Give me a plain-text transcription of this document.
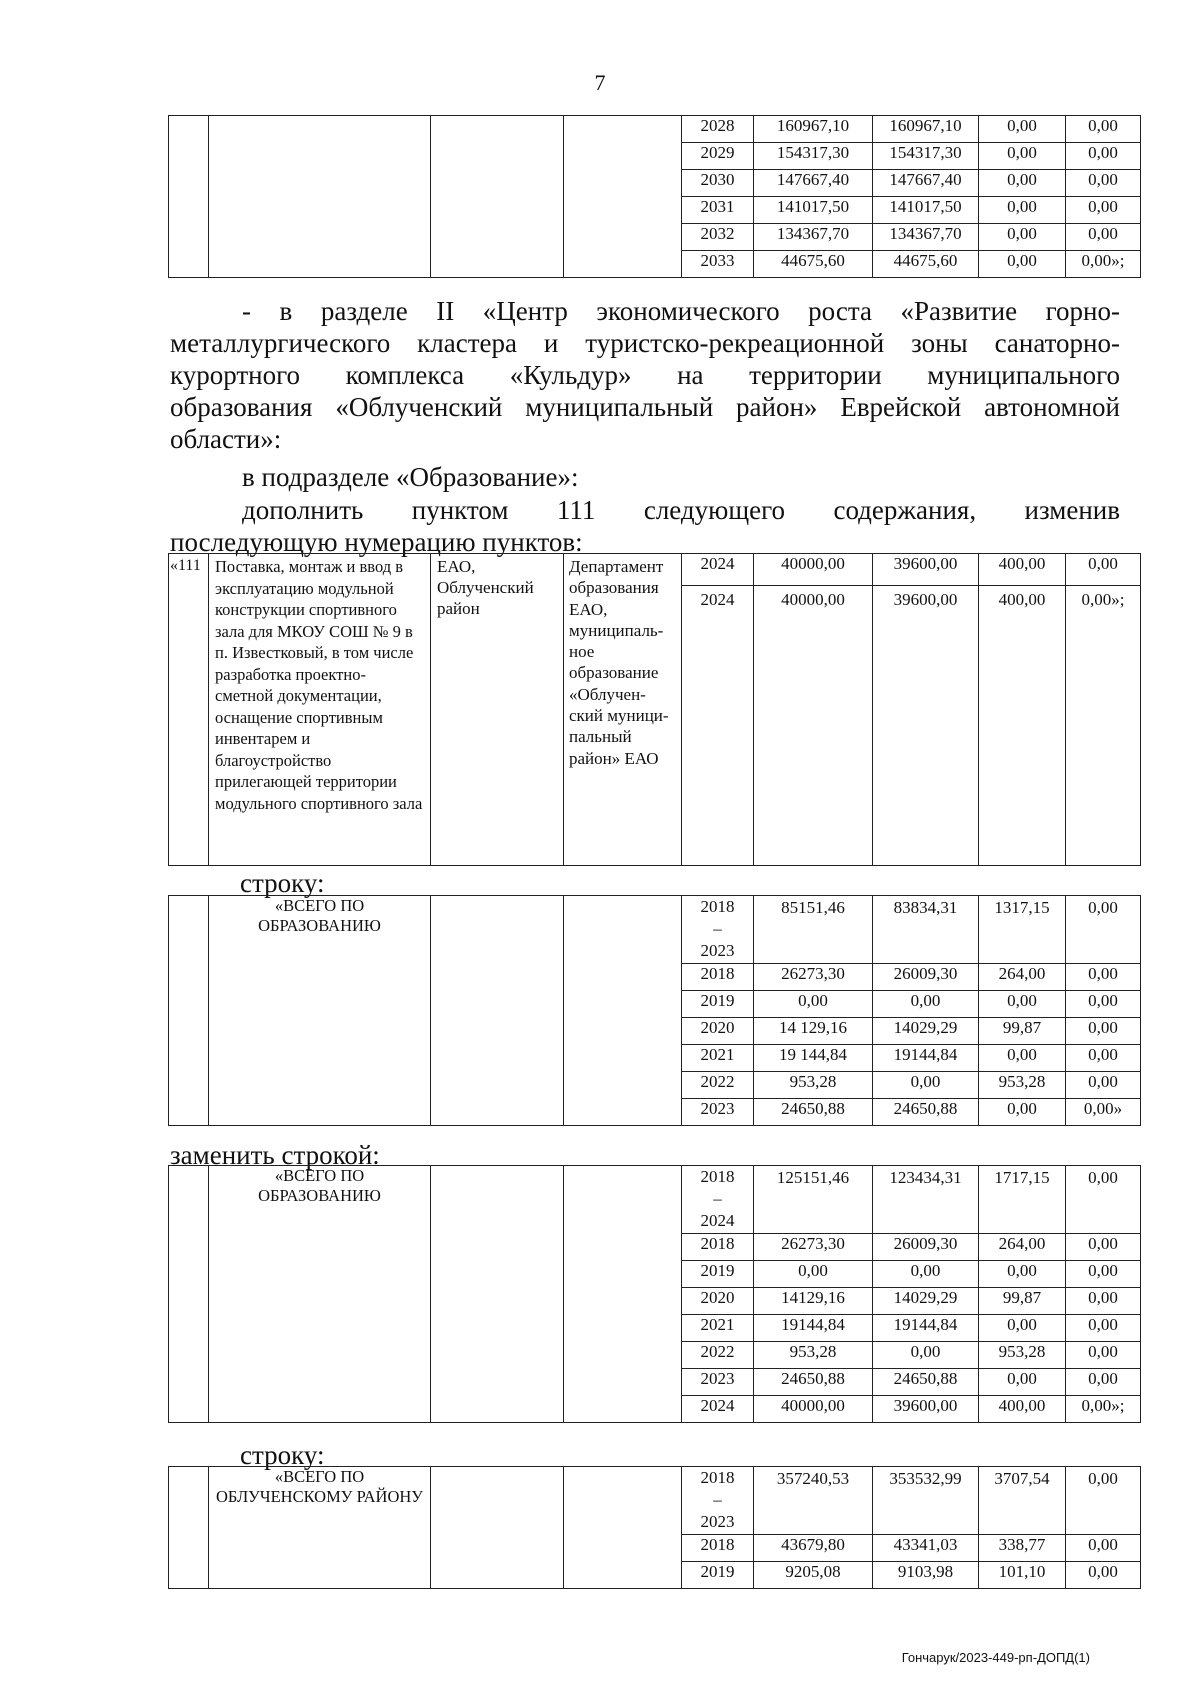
7
				2028	160967,10	160967,10	0,00	0,00
				2029	154317,30	154317,30	0,00	0,00
				2030	147667,40	147667,40	0,00	0,00
				2031	141017,50	141017,50	0,00	0,00
				2032	134367,70	134367,70	0,00	0,00
				2033	44675,60	44675,60	0,00	0,00»;
- в разделе II «Центр экономического роста «Развитие горно-
металлургического кластера и туристско-рекреационной зоны санаторно-
курортного комплекса «Кульдур» на территории муниципального
образования «Облученский муниципальный район» Еврейской автономной
области»:
в подразделе «Образование»:
дополнить пунктом 111 следующего содержания, изменив
последующую нумерацию пунктов:
«111	Поставка, монтаж и ввод в эксплуатацию модульной конструкции спортивного зала для МКОУ СОШ № 9 в п. Известковый, в том числе разработка проектно-сметной документации, оснащение спортивным инвентарем и благоустройство прилегающей территории модульного спортивного зала	ЕАО, Облученский район	Департамент образования ЕАО, муниципаль-ное образование «Облучен-ский муници-пальный район» ЕАО	2024	40000,00	39600,00	400,00	0,00
				2024	40000,00	39600,00	400,00	0,00»;
строку:
	«ВСЕГО ПО ОБРАЗОВАНИЮ			2018
–
2023	85151,46	83834,31	1317,15	0,00
				2018	26273,30	26009,30	264,00	0,00
				2019	0,00	0,00	0,00	0,00
				2020	14 129,16	14029,29	99,87	0,00
				2021	19 144,84	19144,84	0,00	0,00
				2022	953,28	0,00	953,28	0,00
				2023	24650,88	24650,88	0,00	0,00»
заменить строкой:
	«ВСЕГО ПО ОБРАЗОВАНИЮ			2018
–
2024	125151,46	123434,31	1717,15	0,00
				2018	26273,30	26009,30	264,00	0,00
				2019	0,00	0,00	0,00	0,00
				2020	14129,16	14029,29	99,87	0,00
				2021	19144,84	19144,84	0,00	0,00
				2022	953,28	0,00	953,28	0,00
				2023	24650,88	24650,88	0,00	0,00
				2024	40000,00	39600,00	400,00	0,00»;
строку:
	«ВСЕГО ПО ОБЛУЧЕНСКОМУ РАЙОНУ			2018
–
2023	357240,53	353532,99	3707,54	0,00
				2018	43679,80	43341,03	338,77	0,00
				2019	9205,08	9103,98	101,10	0,00
Гончарук/2023-449-рп-ДОПД(1)
